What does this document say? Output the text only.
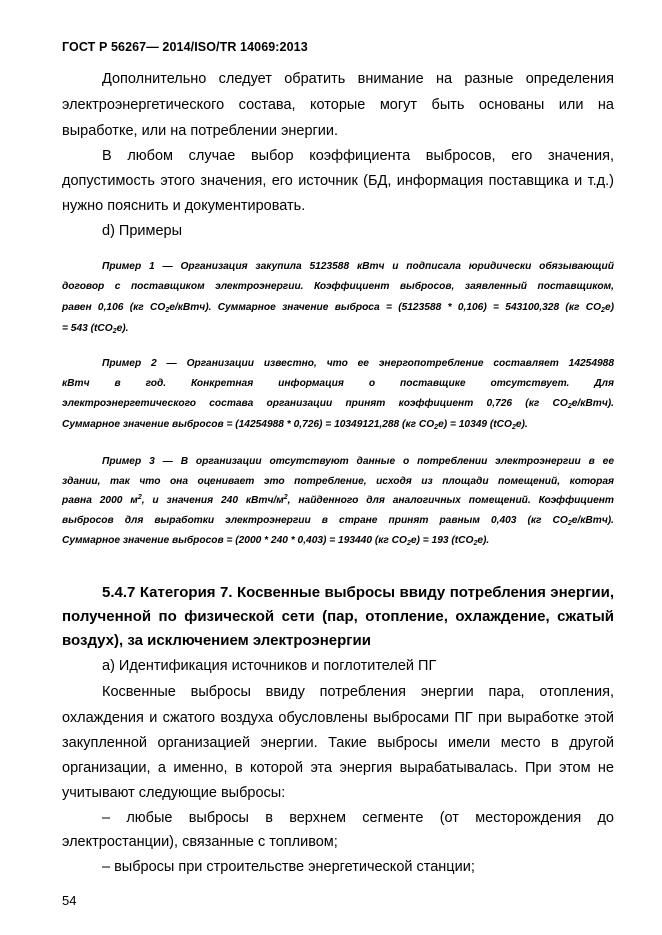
ГОСТ Р 56267— 2014/ISO/TR 14069:2013
Дополнительно следует обратить внимание на разные определения
электроэнергетического состава, которые могут быть основаны или на
выработке, или на потреблении энергии.
В любом случае выбор коэффициента выбросов, его значения,
допустимость этого значения, его источник (БД, информация поставщика и т.д.)
нужно пояснить и документировать.
d) Примеры
Пример 1 — Организация закупила 5123588 кВтч и подписала юридически обязывающий
договор с поставщиком электроэнергии. Коэффициент выбросов, заявленный поставщиком,
равен 0,106 (кг $CO_2е/кВтч$). Суммарное значение выброса = (5123588 * 0,106) = 543100,328 (кг $CO_2е$)
= 543 (tCO$_2$е).
Пример 2 — Организации известно, что ее энергопотребление составляет 14254988
кВтч в год. Конкретная информация о поставщике отсутствует. Для
электроэнергетического состава организации принят коэффициент 0,726 (кг $CO_2е/кВтч$).
Суммарное значение выбросов = (14254988 * 0,726) = 10349121,288 (кг $CO_2е) = 10349$ (tCO$_2$е).
Пример 3 — В организации отсутствуют данные о потреблении электроэнергии в ее
здании, так что она оценивает это потребление, исходя из площади помещений, которая
равна 2000 $м^2$, и значения 240 кВтч/$м^2$, найденного для аналогичных помещений. Коэффициент
выбросов для выработки электроэнергии в стране принят равным 0,403 (кг $CO_2е/кВтч$).
Суммарное значение выбросов = (2000 * 240 * 0,403) = 193440 (кг $CO_2е) = 193$ (tCO$_2$е).
5.4.7 Категория 7. Косвенные выбросы ввиду потребления энергии,
полученной по физической сети (пар, отопление, охлаждение, сжатый
воздух), за исключением электроэнергии
а) Идентификация источников и поглотителей ПГ
Косвенные выбросы ввиду потребления энергии пара, отопления,
охлаждения и сжатого воздуха обусловлены выбросами ПГ при выработке этой
закупленной организацией энергии. Такие выбросы имели место в другой
организации, а именно, в которой эта энергия вырабатывалась. При этом не
учитывают следующие выбросы:
– любые выбросы в верхнем сегменте (от месторождения до
электростанции), связанные с топливом;
– выбросы при строительстве энергетической станции;
54
